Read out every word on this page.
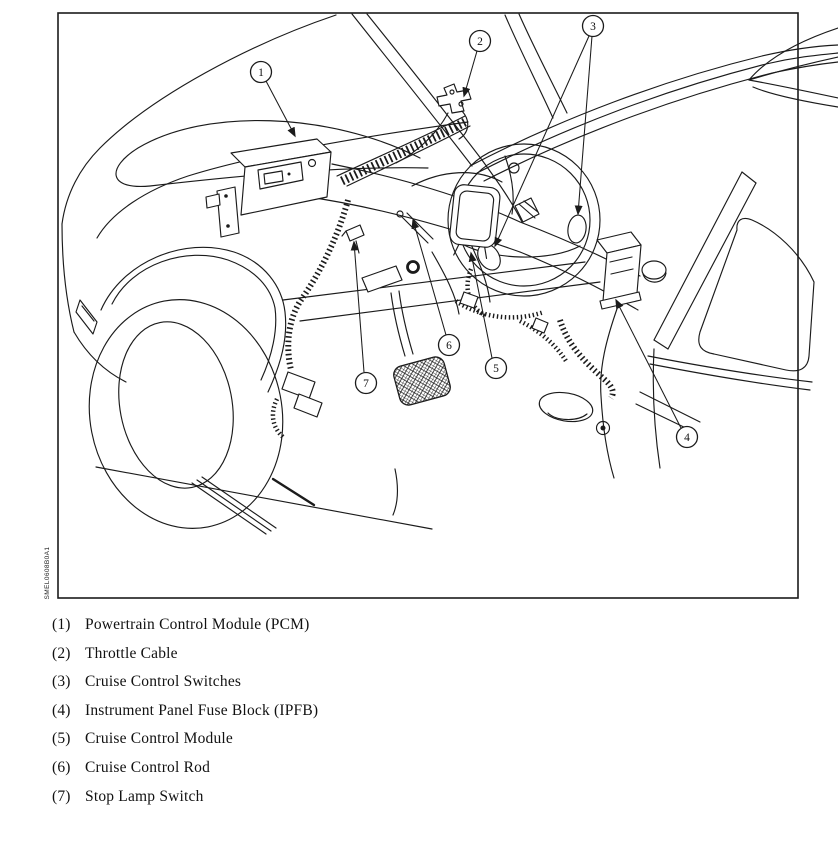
1
2
3
4
5
6
7
SMEL0608B0A1
(1) Powertrain Control Module (PCM)
(2) Throttle Cable
(3) Cruise Control Switches
(4) Instrument Panel Fuse Block (IPFB)
(5) Cruise Control Module
(6) Cruise Control Rod
(7) Stop Lamp Switch
